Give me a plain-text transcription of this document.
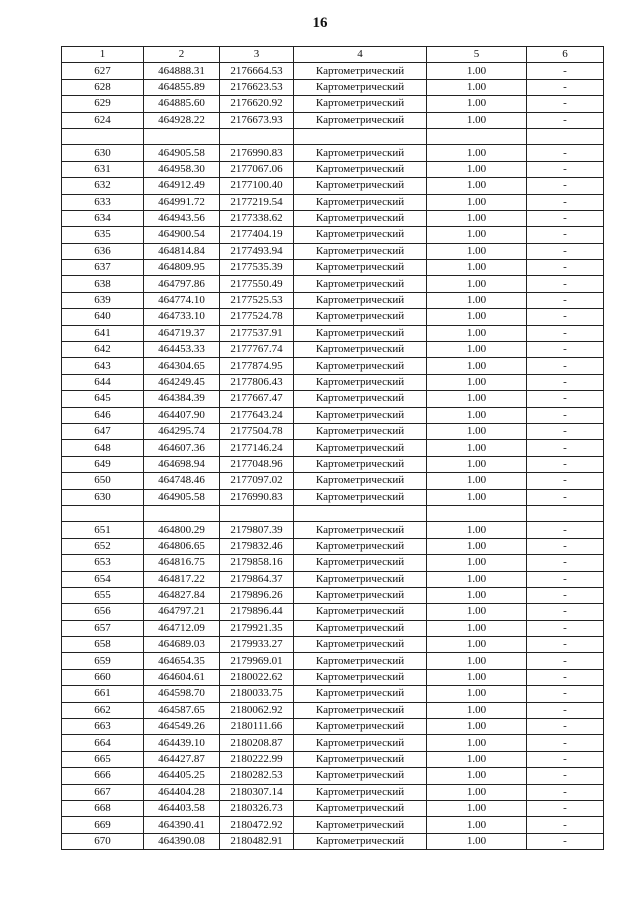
16
1	2	3	4	5	6
627	464888.31	2176664.53	Картометрический	1.00	-
628	464855.89	2176623.53	Картометрический	1.00	-
629	464885.60	2176620.92	Картометрический	1.00	-
624	464928.22	2176673.93	Картометрический	1.00	-

630	464905.58	2176990.83	Картометрический	1.00	-
631	464958.30	2177067.06	Картометрический	1.00	-
632	464912.49	2177100.40	Картометрический	1.00	-
633	464991.72	2177219.54	Картометрический	1.00	-
634	464943.56	2177338.62	Картометрический	1.00	-
635	464900.54	2177404.19	Картометрический	1.00	-
636	464814.84	2177493.94	Картометрический	1.00	-
637	464809.95	2177535.39	Картометрический	1.00	-
638	464797.86	2177550.49	Картометрический	1.00	-
639	464774.10	2177525.53	Картометрический	1.00	-
640	464733.10	2177524.78	Картометрический	1.00	-
641	464719.37	2177537.91	Картометрический	1.00	-
642	464453.33	2177767.74	Картометрический	1.00	-
643	464304.65	2177874.95	Картометрический	1.00	-
644	464249.45	2177806.43	Картометрический	1.00	-
645	464384.39	2177667.47	Картометрический	1.00	-
646	464407.90	2177643.24	Картометрический	1.00	-
647	464295.74	2177504.78	Картометрический	1.00	-
648	464607.36	2177146.24	Картометрический	1.00	-
649	464698.94	2177048.96	Картометрический	1.00	-
650	464748.46	2177097.02	Картометрический	1.00	-
630	464905.58	2176990.83	Картометрический	1.00	-

651	464800.29	2179807.39	Картометрический	1.00	-
652	464806.65	2179832.46	Картометрический	1.00	-
653	464816.75	2179858.16	Картометрический	1.00	-
654	464817.22	2179864.37	Картометрический	1.00	-
655	464827.84	2179896.26	Картометрический	1.00	-
656	464797.21	2179896.44	Картометрический	1.00	-
657	464712.09	2179921.35	Картометрический	1.00	-
658	464689.03	2179933.27	Картометрический	1.00	-
659	464654.35	2179969.01	Картометрический	1.00	-
660	464604.61	2180022.62	Картометрический	1.00	-
661	464598.70	2180033.75	Картометрический	1.00	-
662	464587.65	2180062.92	Картометрический	1.00	-
663	464549.26	2180111.66	Картометрический	1.00	-
664	464439.10	2180208.87	Картометрический	1.00	-
665	464427.87	2180222.99	Картометрический	1.00	-
666	464405.25	2180282.53	Картометрический	1.00	-
667	464404.28	2180307.14	Картометрический	1.00	-
668	464403.58	2180326.73	Картометрический	1.00	-
669	464390.41	2180472.92	Картометрический	1.00	-
670	464390.08	2180482.91	Картометрический	1.00	-
